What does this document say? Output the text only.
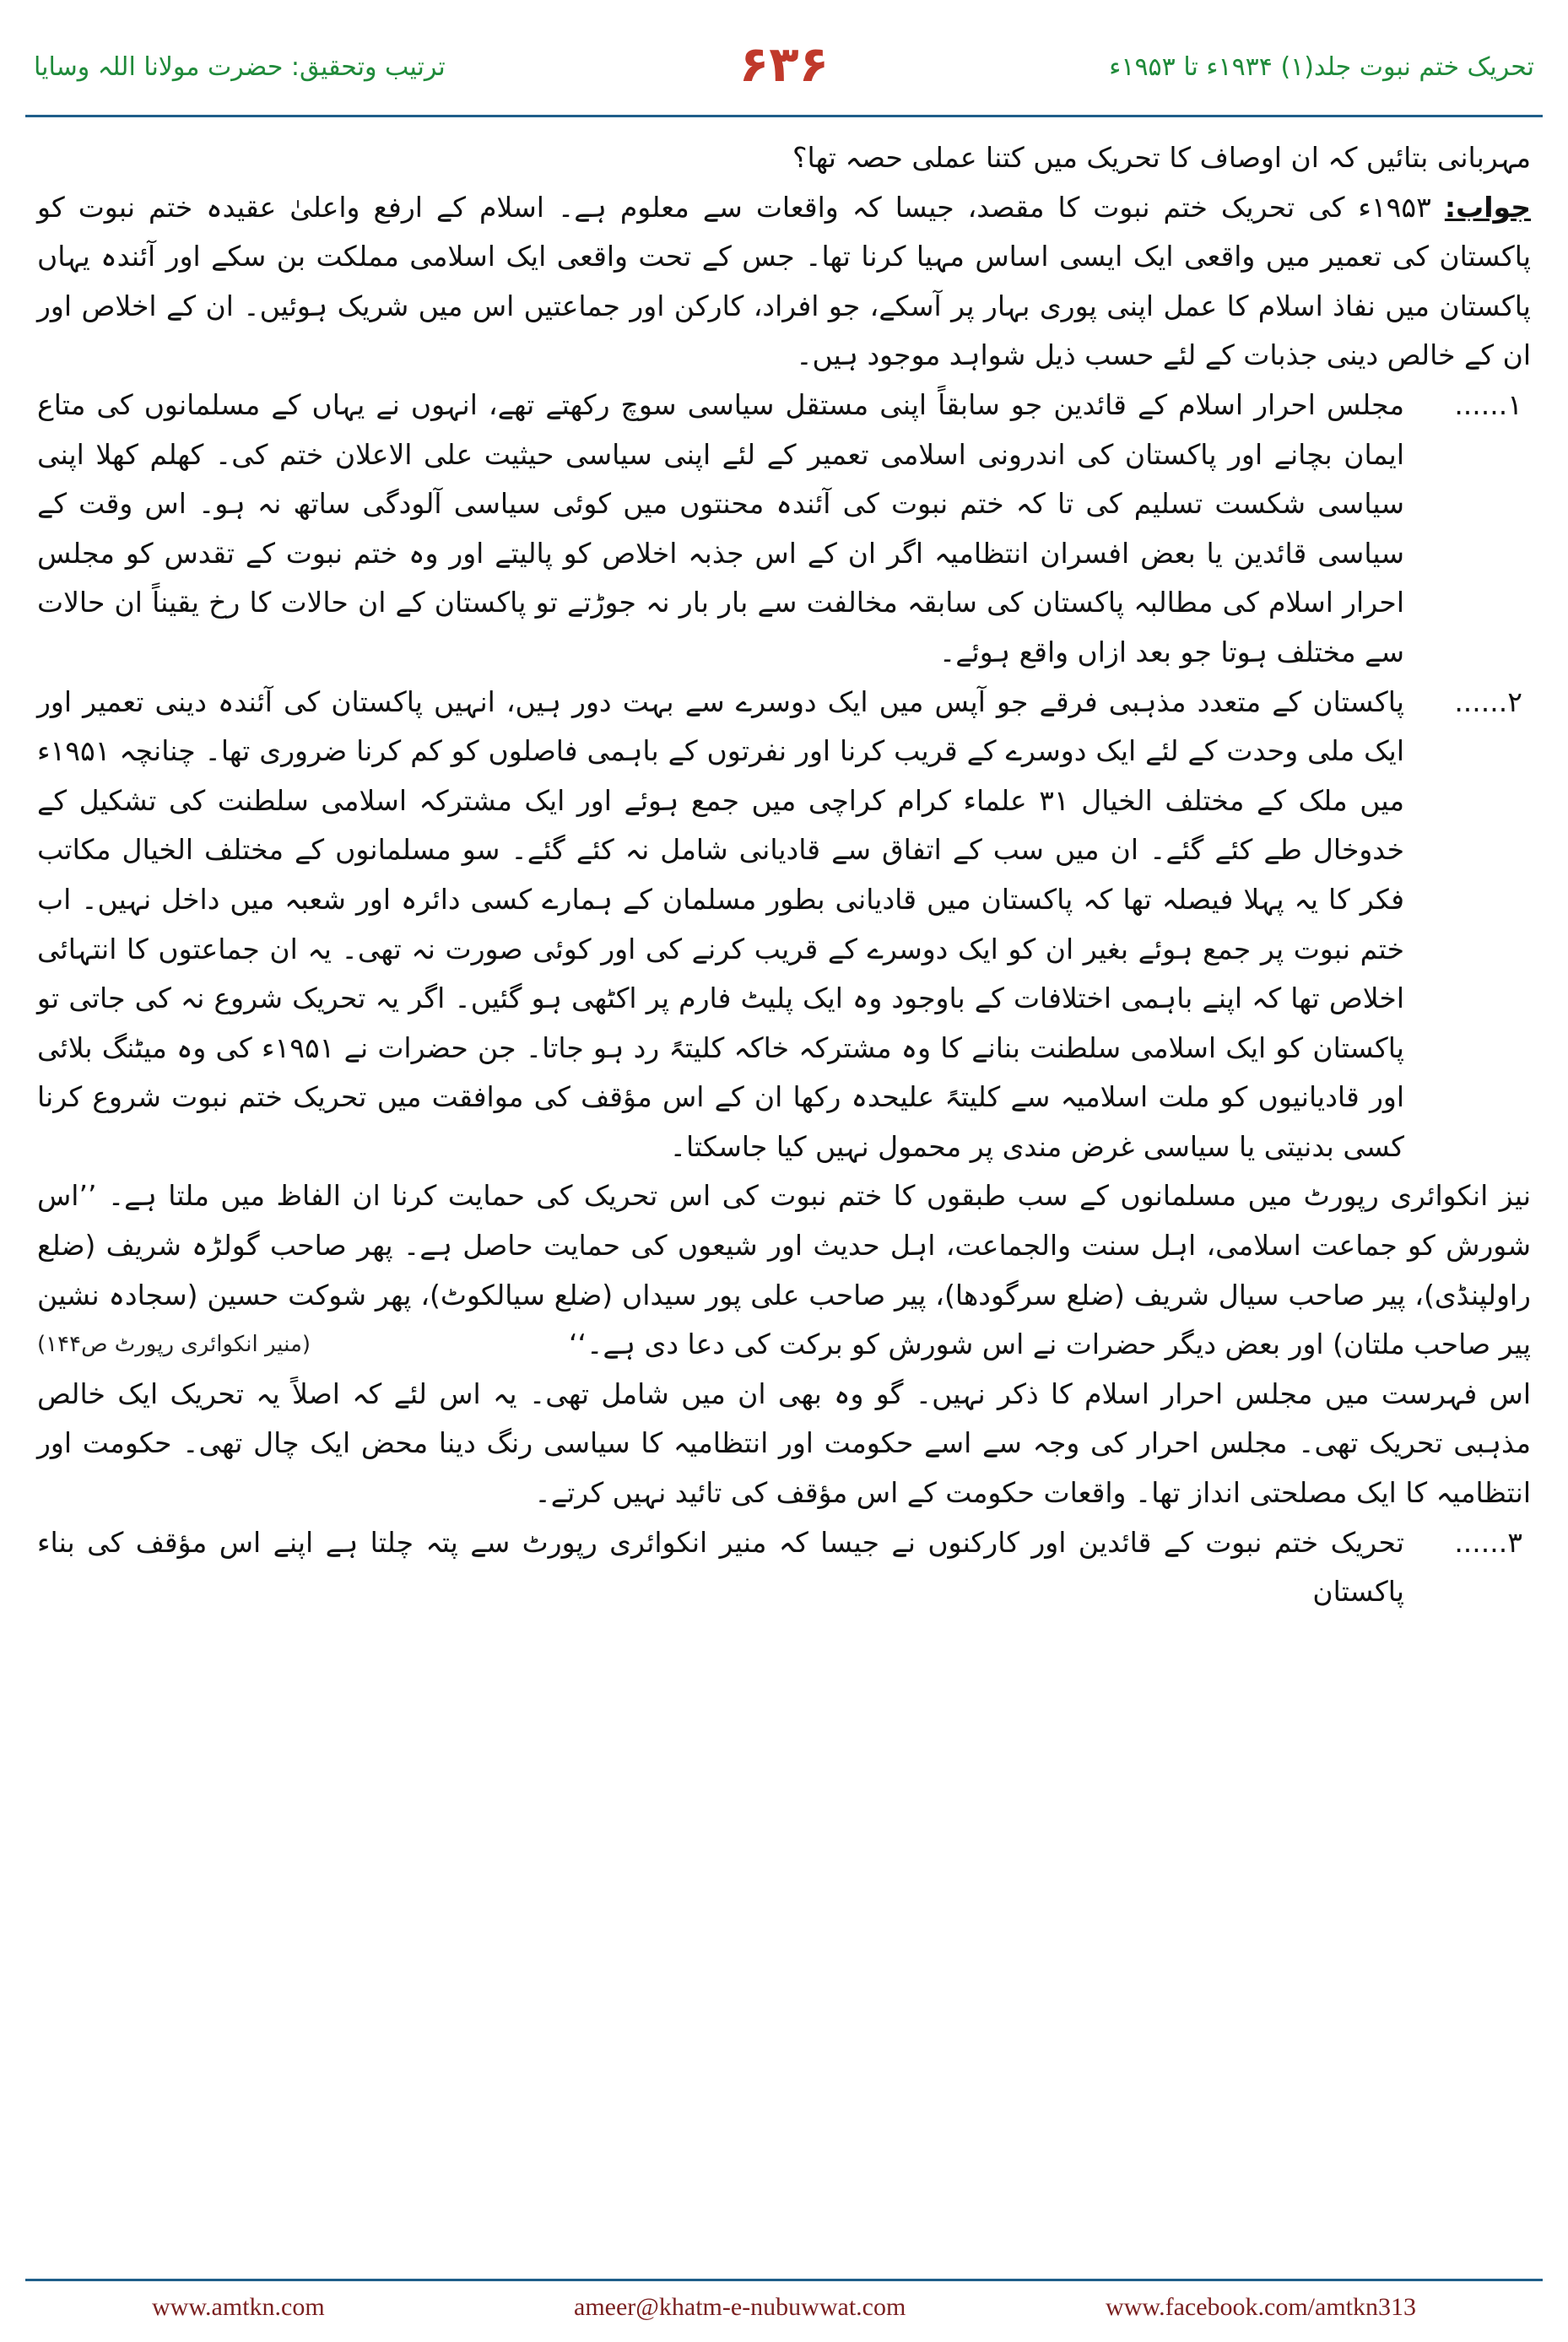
ترتیب وتحقیق: حضرت مولانا اللہ وسایا	۶۳۶	تحریک ختم نبوت جلد(۱) ۱۹۳۴ء تا ۱۹۵۳ء

مہربانی بتائیں کہ ان اوصاف کا تحریک میں کتنا عملی حصہ تھا؟

جواب: ۱۹۵۳ء کی تحریک ختم نبوت کا مقصد، جیسا کہ واقعات سے معلوم ہے۔ اسلام کے ارفع واعلیٰ عقیدہ ختم نبوت کو پاکستان کی تعمیر میں واقعی ایک ایسی اساس مہیا کرنا تھا۔ جس کے تحت واقعی ایک اسلامی مملکت بن سکے اور آئندہ یہاں پاکستان میں نفاذ اسلام کا عمل اپنی پوری بہار پر آسکے، جو افراد، کارکن اور جماعتیں اس میں شریک ہوئیں۔ ان کے اخلاص اور ان کے خالص دینی جذبات کے لئے حسب ذیل شواہد موجود ہیں۔

۱......
مجلس احرار اسلام کے قائدین جو سابقاً اپنی مستقل سیاسی سوچ رکھتے تھے، انہوں نے یہاں کے مسلمانوں کی متاع ایمان بچانے اور پاکستان کی اندرونی اسلامی تعمیر کے لئے اپنی سیاسی حیثیت علی الاعلان ختم کی۔ کھلم کھلا اپنی سیاسی شکست تسلیم کی تا کہ ختم نبوت کی آئندہ محنتوں میں کوئی سیاسی آلودگی ساتھ نہ ہو۔ اس وقت کے سیاسی قائدین یا بعض افسران انتظامیہ اگر ان کے اس جذبہ اخلاص کو پالیتے اور وہ ختم نبوت کے تقدس کو مجلس احرار اسلام کی مطالبہ پاکستان کی سابقہ مخالفت سے بار بار نہ جوڑتے تو پاکستان کے ان حالات کا رخ یقیناً ان حالات سے مختلف ہوتا جو بعد ازاں واقع ہوئے۔

۲......
پاکستان کے متعدد مذہبی فرقے جو آپس میں ایک دوسرے سے بہت دور ہیں، انہیں پاکستان کی آئندہ دینی تعمیر اور ایک ملی وحدت کے لئے ایک دوسرے کے قریب کرنا اور نفرتوں کے باہمی فاصلوں کو کم کرنا ضروری تھا۔ چنانچہ ۱۹۵۱ء میں ملک کے مختلف الخیال ۳۱ علماء کرام کراچی میں جمع ہوئے اور ایک مشترکہ اسلامی سلطنت کی تشکیل کے خدوخال طے کئے گئے۔ ان میں سب کے اتفاق سے قادیانی شامل نہ کئے گئے۔ سو مسلمانوں کے مختلف الخیال مکاتب فکر کا یہ پہلا فیصلہ تھا کہ پاکستان میں قادیانی بطور مسلمان کے ہمارے کسی دائرہ اور شعبہ میں داخل نہیں۔ اب ختم نبوت پر جمع ہوئے بغیر ان کو ایک دوسرے کے قریب کرنے کی اور کوئی صورت نہ تھی۔ یہ ان جماعتوں کا انتہائی اخلاص تھا کہ اپنے باہمی اختلافات کے باوجود وہ ایک پلیٹ فارم پر اکٹھی ہو گئیں۔ اگر یہ تحریک شروع نہ کی جاتی تو پاکستان کو ایک اسلامی سلطنت بنانے کا وہ مشترکہ خاکہ کلیتہً رد ہو جاتا۔ جن حضرات نے ۱۹۵۱ء کی وہ میٹنگ بلائی اور قادیانیوں کو ملت اسلامیہ سے کلیتہً علیحدہ رکھا ان کے اس مؤقف کی موافقت میں تحریک ختم نبوت شروع کرنا کسی بدنیتی یا سیاسی غرض مندی پر محمول نہیں کیا جاسکتا۔

نیز انکوائری رپورٹ میں مسلمانوں کے سب طبقوں کا ختم نبوت کی اس تحریک کی حمایت کرنا ان الفاظ میں ملتا ہے۔ ’’اس شورش کو جماعت اسلامی، اہل سنت والجماعت، اہل حدیث اور شیعوں کی حمایت حاصل ہے۔ پھر صاحب گولڑہ شریف (ضلع راولپنڈی)، پیر صاحب سیال شریف (ضلع سرگودھا)، پیر صاحب علی پور سیداں (ضلع سیالکوٹ)، پھر شوکت حسین (سجادہ نشین پیر صاحب ملتان) اور بعض دیگر حضرات نے اس شورش کو برکت کی دعا دی ہے۔‘‘
(منیر انکوائری رپورٹ ص۱۴۴)

اس فہرست میں مجلس احرار اسلام کا ذکر نہیں۔ گو وہ بھی ان میں شامل تھی۔ یہ اس لئے کہ اصلاً یہ تحریک ایک خالص مذہبی تحریک تھی۔ مجلس احرار کی وجہ سے اسے حکومت اور انتظامیہ کا سیاسی رنگ دینا محض ایک چال تھی۔ حکومت اور انتظامیہ کا ایک مصلحتی انداز تھا۔ واقعات حکومت کے اس مؤقف کی تائید نہیں کرتے۔

۳......
تحریک ختم نبوت کے قائدین اور کارکنوں نے جیسا کہ منیر انکوائری رپورٹ سے پتہ چلتا ہے اپنے اس مؤقف کی بناء پاکستان

www.amtkn.com	ameer@khatm-e-nubuwwat.com	www.facebook.com/amtkn313
